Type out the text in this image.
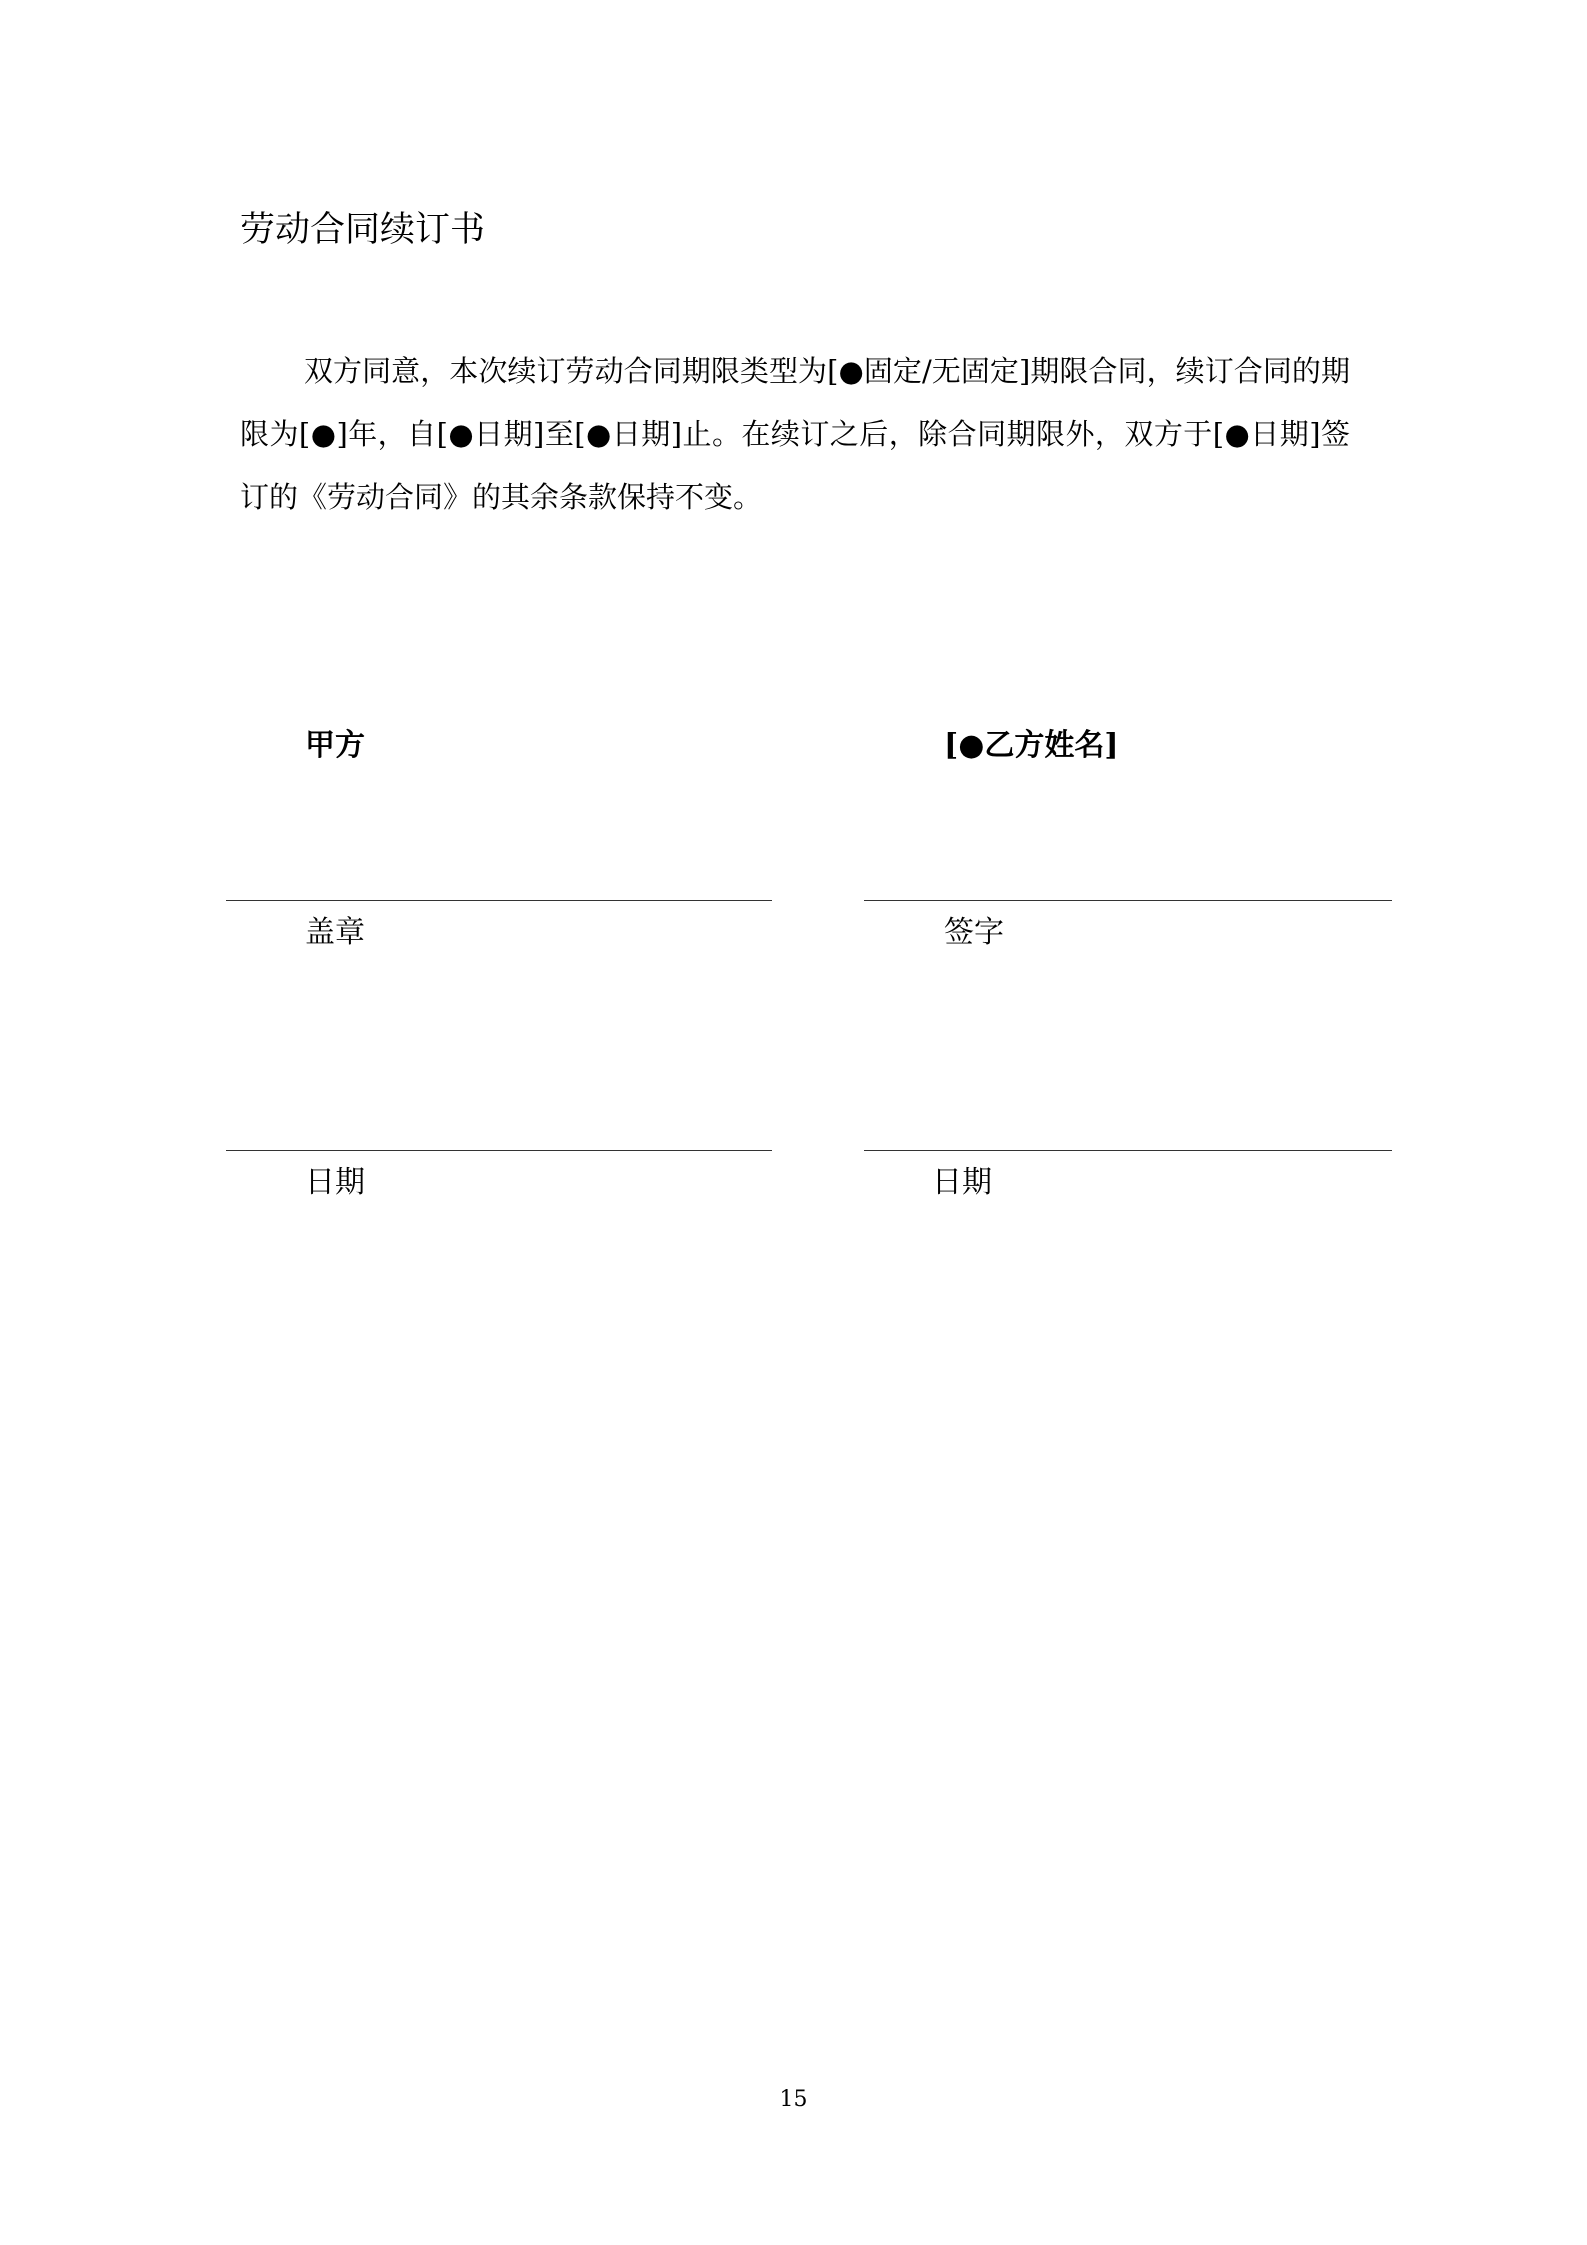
劳动合同续订书

双方同意，本次续订劳动合同期限类型为[●固定/无固定]期限合同，续订合同的期限为[●]年，自[●日期]至[●日期]止。在续订之后，除合同期限外，双方于[●日期]签订的《劳动合同》的其余条款保持不变。

甲方	[●乙方姓名]
盖章	签字
日期	日期
15
